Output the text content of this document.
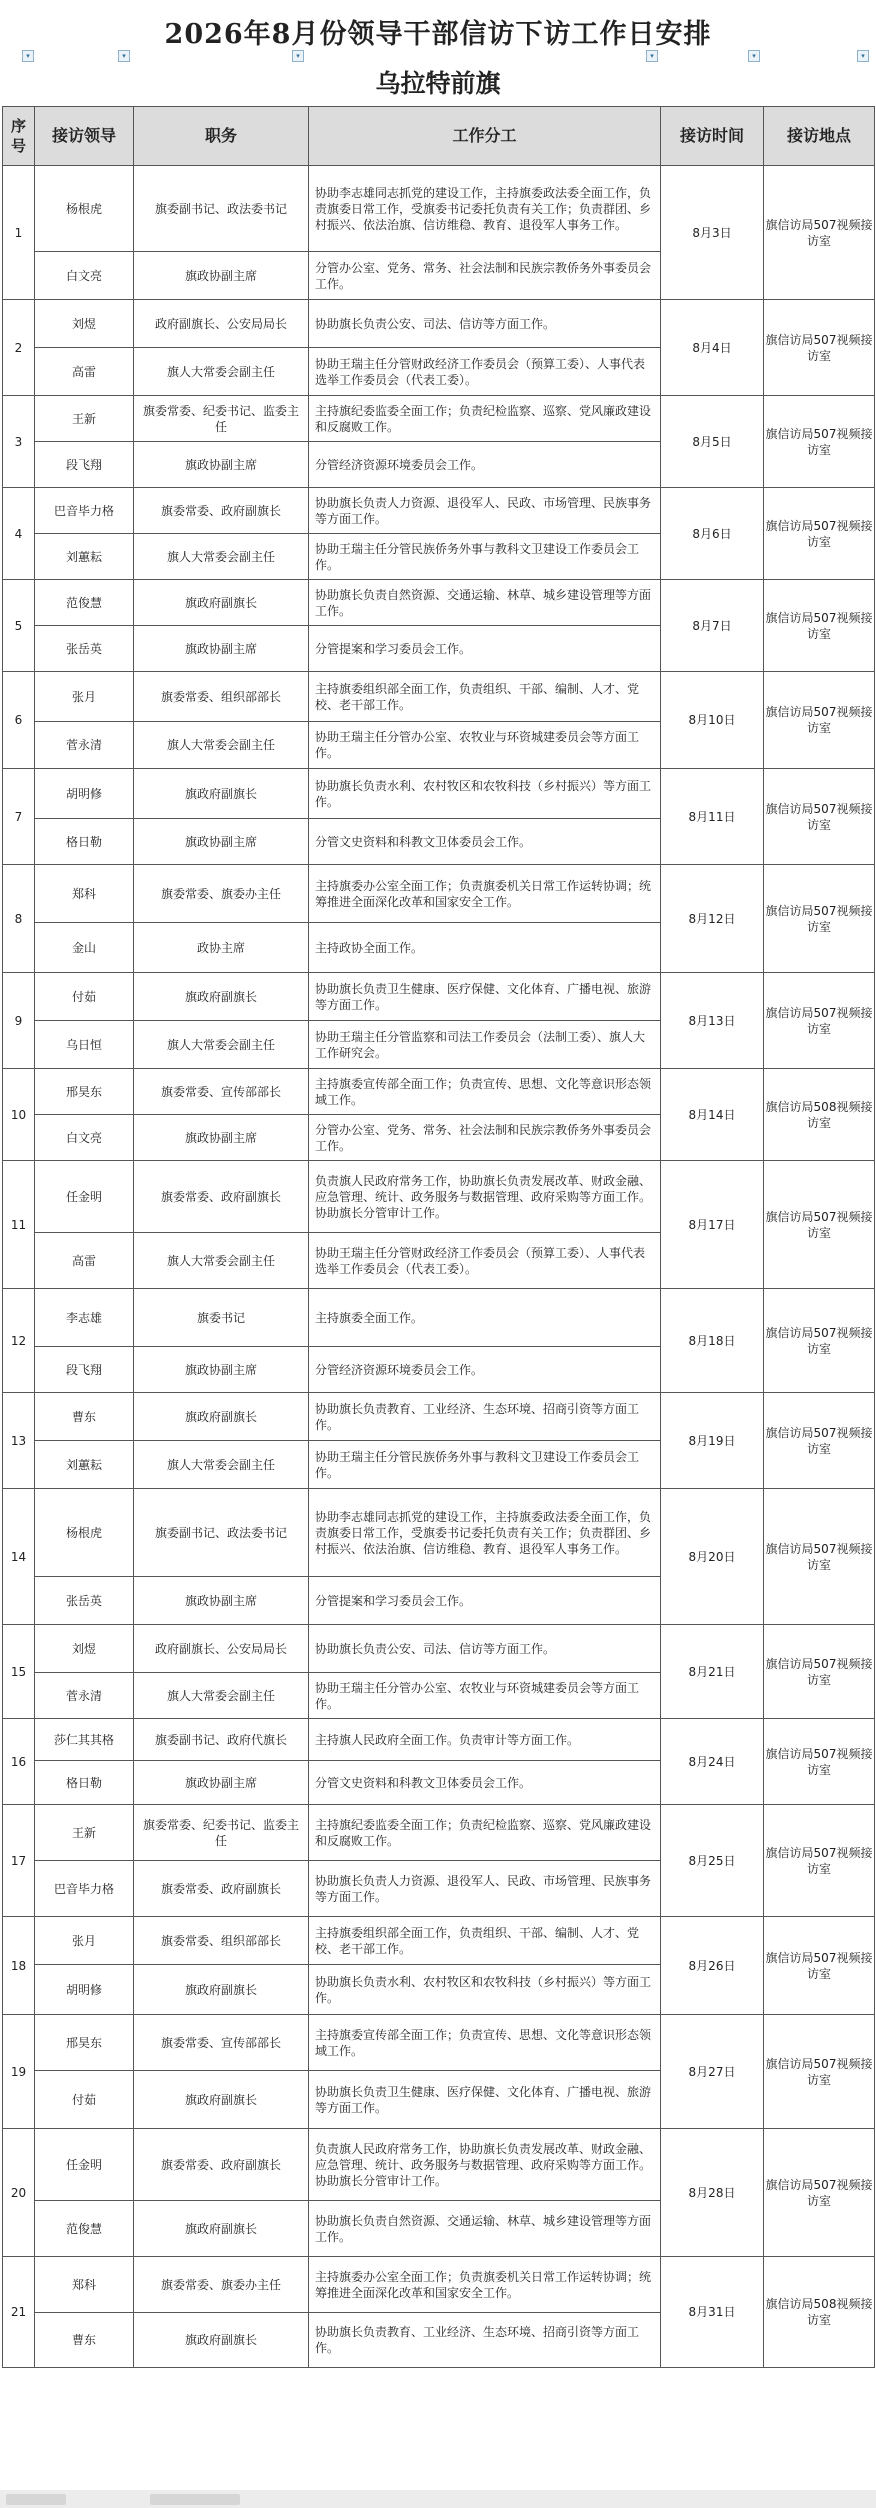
2026年8月份领导干部信访下访工作日安排
▾	▾	▾	▾	▾	▾
乌拉特前旗
序号	接访领导	职务	工作分工	接访时间	接访地点
1	杨根虎	旗委副书记、政法委书记	协助李志雄同志抓党的建设工作，主持旗委政法委全面工作，负责旗委日常工作，受旗委书记委托负责有关工作；负责群团、乡村振兴、依法治旗、信访维稳、教育、退役军人事务工作。	8月3日	旗信访局507视频接访室
	白文亮	旗政协副主席	分管办公室、党务、常务、社会法制和民族宗教侨务外事委员会工作。		
2	刘煜	政府副旗长、公安局局长	协助旗长负责公安、司法、信访等方面工作。	8月4日	旗信访局507视频接访室
	高雷	旗人大常委会副主任	协助王瑞主任分管财政经济工作委员会（预算工委）、人事代表选举工作委员会（代表工委）。		
3	王新	旗委常委、纪委书记、监委主任	主持旗纪委监委全面工作；负责纪检监察、巡察、党风廉政建设和反腐败工作。	8月5日	旗信访局507视频接访室
	段飞翔	旗政协副主席	分管经济资源环境委员会工作。		
4	巴音毕力格	旗委常委、政府副旗长	协助旗长负责人力资源、退役军人、民政、市场管理、民族事务等方面工作。	8月6日	旗信访局507视频接访室
	刘蕙耘	旗人大常委会副主任	协助王瑞主任分管民族侨务外事与教科文卫建设工作委员会工作。		
5	范俊慧	旗政府副旗长	协助旗长负责自然资源、交通运输、林草、城乡建设管理等方面工作。	8月7日	旗信访局507视频接访室
	张岳英	旗政协副主席	分管提案和学习委员会工作。		
6	张月	旗委常委、组织部部长	主持旗委组织部全面工作，负责组织、干部、编制、人才、党校、老干部工作。	8月10日	旗信访局507视频接访室
	菅永清	旗人大常委会副主任	协助王瑞主任分管办公室、农牧业与环资城建委员会等方面工作。		
7	胡明修	旗政府副旗长	协助旗长负责水利、农村牧区和农牧科技（乡村振兴）等方面工作。	8月11日	旗信访局507视频接访室
	格日勒	旗政协副主席	分管文史资料和科教文卫体委员会工作。		
8	郑科	旗委常委、旗委办主任	主持旗委办公室全面工作；负责旗委机关日常工作运转协调；统筹推进全面深化改革和国家安全工作。	8月12日	旗信访局507视频接访室
	金山	政协主席	主持政协全面工作。		
9	付茹	旗政府副旗长	协助旗长负责卫生健康、医疗保健、文化体育、广播电视、旅游等方面工作。	8月13日	旗信访局507视频接访室
	乌日恒	旗人大常委会副主任	协助王瑞主任分管监察和司法工作委员会（法制工委）、旗人大工作研究会。		
10	邢昊东	旗委常委、宣传部部长	主持旗委宣传部全面工作；负责宣传、思想、文化等意识形态领域工作。	8月14日	旗信访局508视频接访室
	白文亮	旗政协副主席	分管办公室、党务、常务、社会法制和民族宗教侨务外事委员会工作。		
11	任金明	旗委常委、政府副旗长	负责旗人民政府常务工作，协助旗长负责发展改革、财政金融、应急管理、统计、政务服务与数据管理、政府采购等方面工作。协助旗长分管审计工作。	8月17日	旗信访局507视频接访室
	高雷	旗人大常委会副主任	协助王瑞主任分管财政经济工作委员会（预算工委）、人事代表选举工作委员会（代表工委）。		
12	李志雄	旗委书记	主持旗委全面工作。	8月18日	旗信访局507视频接访室
	段飞翔	旗政协副主席	分管经济资源环境委员会工作。		
13	曹东	旗政府副旗长	协助旗长负责教育、工业经济、生态环境、招商引资等方面工作。	8月19日	旗信访局507视频接访室
	刘蕙耘	旗人大常委会副主任	协助王瑞主任分管民族侨务外事与教科文卫建设工作委员会工作。		
14	杨根虎	旗委副书记、政法委书记	协助李志雄同志抓党的建设工作，主持旗委政法委全面工作，负责旗委日常工作，受旗委书记委托负责有关工作；负责群团、乡村振兴、依法治旗、信访维稳、教育、退役军人事务工作。	8月20日	旗信访局507视频接访室
	张岳英	旗政协副主席	分管提案和学习委员会工作。		
15	刘煜	政府副旗长、公安局局长	协助旗长负责公安、司法、信访等方面工作。	8月21日	旗信访局507视频接访室
	菅永清	旗人大常委会副主任	协助王瑞主任分管办公室、农牧业与环资城建委员会等方面工作。		
16	莎仁其其格	旗委副书记、政府代旗长	主持旗人民政府全面工作。负责审计等方面工作。	8月24日	旗信访局507视频接访室
	格日勒	旗政协副主席	分管文史资料和科教文卫体委员会工作。		
17	王新	旗委常委、纪委书记、监委主任	主持旗纪委监委全面工作；负责纪检监察、巡察、党风廉政建设和反腐败工作。	8月25日	旗信访局507视频接访室
	巴音毕力格	旗委常委、政府副旗长	协助旗长负责人力资源、退役军人、民政、市场管理、民族事务等方面工作。		
18	张月	旗委常委、组织部部长	主持旗委组织部全面工作，负责组织、干部、编制、人才、党校、老干部工作。	8月26日	旗信访局507视频接访室
	胡明修	旗政府副旗长	协助旗长负责水利、农村牧区和农牧科技（乡村振兴）等方面工作。		
19	邢昊东	旗委常委、宣传部部长	主持旗委宣传部全面工作；负责宣传、思想、文化等意识形态领域工作。	8月27日	旗信访局507视频接访室
	付茹	旗政府副旗长	协助旗长负责卫生健康、医疗保健、文化体育、广播电视、旅游等方面工作。		
20	任金明	旗委常委、政府副旗长	负责旗人民政府常务工作，协助旗长负责发展改革、财政金融、应急管理、统计、政务服务与数据管理、政府采购等方面工作。协助旗长分管审计工作。	8月28日	旗信访局507视频接访室
	范俊慧	旗政府副旗长	协助旗长负责自然资源、交通运输、林草、城乡建设管理等方面工作。		
21	郑科	旗委常委、旗委办主任	主持旗委办公室全面工作；负责旗委机关日常工作运转协调；统筹推进全面深化改革和国家安全工作。	8月31日	旗信访局508视频接访室
	曹东	旗政府副旗长	协助旗长负责教育、工业经济、生态环境、招商引资等方面工作。		
